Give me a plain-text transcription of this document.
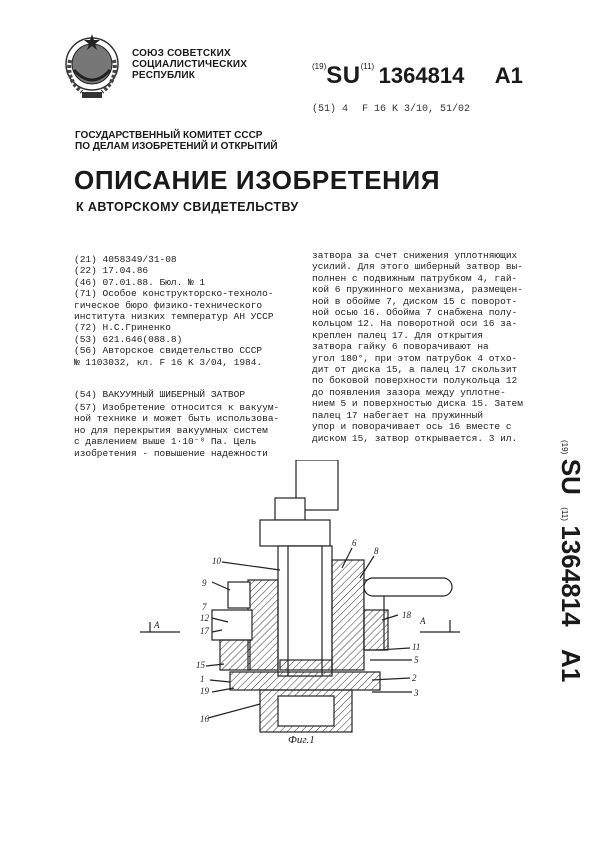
СОЮЗ СОВЕТСКИХ
СОЦИАЛИСТИЧЕСКИХ
РЕСПУБЛИК
$^{(19)}$SU$^{(11)}$ 1364814 A1
(51) 4 F 16 K 3/10, 51/02
ГОСУДАРСТВЕННЫЙ КОМИТЕТ СССР
ПО ДЕЛАМ ИЗОБРЕТЕНИЙ И ОТКРЫТИЙ
ОПИСАНИЕ ИЗОБРЕТЕНИЯ
К АВТОРСКОМУ СВИДЕТЕЛЬСТВУ
(21) 4058349/31-08
(22) 17.04.86
(46) 07.01.88. Бюл. № 1
(71) Особое конструкторско-техноло-
гическое бюро физико-технического
института низких температур АН УССР
(72) Н.С.Гриненко
(53) 621.646(088.8)
(56) Авторское свидетельство СССР
№ 1103032, кл. F 16 K 3/04, 1984.
(54) ВАКУУМНЫЙ ШИБЕРНЫЙ ЗАТВОР
(57) Изобретение относится к вакуум-
ной технике и может быть использова-
но для перекрытия вакуумных систем
с давлением выше 1·10⁻⁸ Па. Цель
изобретения - повышение надежности
затвора за счет снижения уплотняющих
усилий. Для этого шиберный затвор вы-
полнен с подвижным патрубком 4, гай-
кой 6 пружинного механизма, размещен-
ной в обойме 7, диском 15 с поворот-
ной осью 16. Обойма 7 снабжена полу-
кольцом 12. На поворотной оси 16 за-
креплен палец 17. Для открытия
затвора гайку 6 поворачивают на
угол 180°, при этом патрубок 4 отхо-
дит от диска 15, а палец 17 скользит
по боковой поверхности полукольца 12
до появления зазора между уплотне-
нием 5 и поверхностью диска 15. Затем
палец 17 набегает на пружинный
упор и поворачивает ось 16 вместе с
диском 15, затвор открывается. 3 ил.
(19) SU (11) 1364814 A1
A
A
10
6
8
9
7
12
17
18
11
5
2
3
15
1
19
16
Фиг.1
